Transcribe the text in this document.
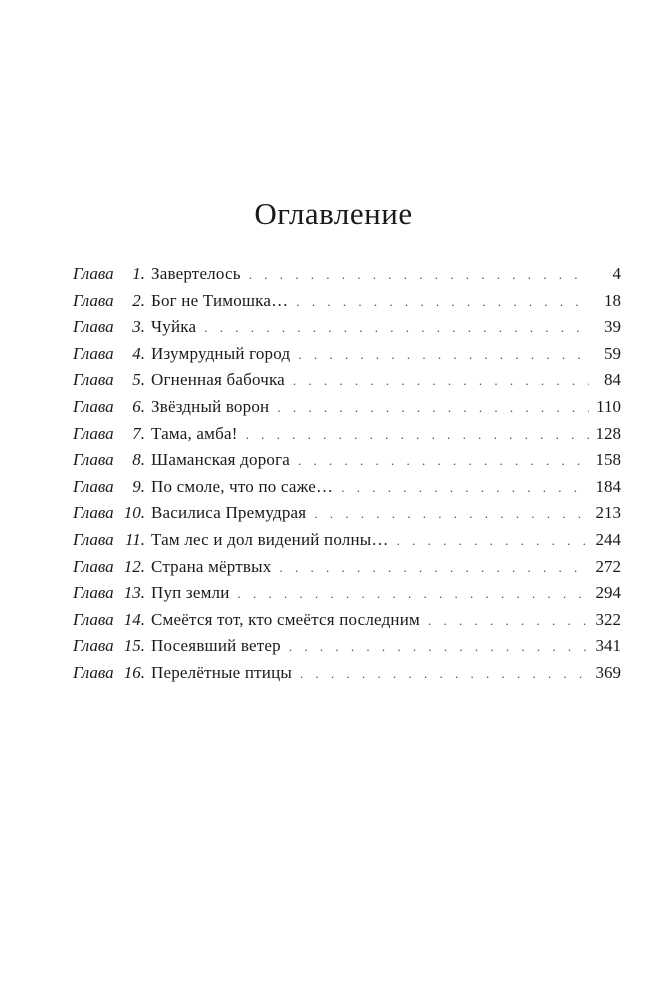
Оглавление
Глава	1. Завертелось . . .	4
Глава	2. Бог не Тимошка… . . .	18
Глава	3. Чуйка . . .	39
Глава	4. Изумрудный город . . .	59
Глава	5. Огненная бабочка . . .	84
Глава	6. Звёздный ворон . . .	110
Глава	7. Тама, амба! . . .	128
Глава	8. Шаманская дорога . . .	158
Глава	9. По смоле, что по саже… . . .	184
Глава 10. Василиса Премудрая . . .	213
Глава 11. Там лес и дол видений полны… . . .	244
Глава 12. Страна мёртвых . . .	272
Глава 13. Пуп земли . . .	294
Глава 14. Смеётся тот, кто смеётся последним . . .	322
Глава 15. Посеявший ветер . . .	341
Глава 16. Перелётные птицы . . .	369
